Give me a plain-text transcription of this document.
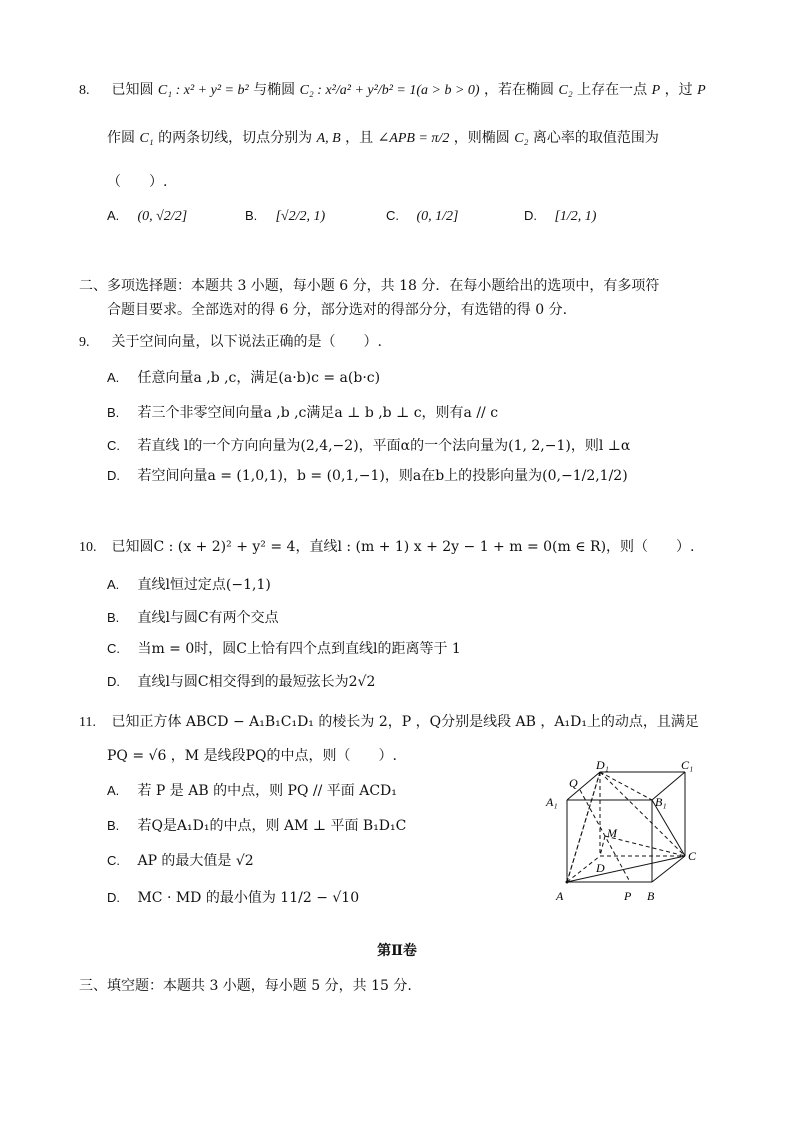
8. 已知圆 C₁ : x² + y² = b² 与椭圆 C₂ : x²/a² + y²/b² = 1(a > b > 0) ，若在椭圆 C₂ 上存在一点 P ，过 P
作圆 C₁ 的两条切线，切点分别为 A, B ，且 ∠APB = π/2 ，则椭圆 C₂ 离心率的取值范围为
（　　）.
A. (0, √2/2]	B. [√2/2, 1)	C. (0, 1/2]	D. [1/2, 1)
二、多项选择题：本题共 3 小题，每小题 6 分，共 18 分．在每小题给出的选项中，有多项符
合题目要求。全部选对的得 6 分，部分选对的得部分分，有选错的得 0 分.
9. 关于空间向量，以下说法正确的是（　　）.
A. 任意向量a ,b ,c，满足(a·b)c = a(b·c)
B. 若三个非零空间向量a ,b ,c满足a ⊥ b ,b ⊥ c，则有a // c
C. 若直线 l的一个方向向量为(2,4,−2)，平面α的一个法向量为(1, 2,−1)，则l ⊥α
D. 若空间向量a = (1,0,1)，b = (0,1,−1)，则a在b上的投影向量为(0,−1/2,1/2)
10. 已知圆C : (x + 2)² + y² = 4，直线l : (m + 1) x + 2y − 1 + m = 0(m ∈ R)，则（　　）.
A. 直线l恒过定点(−1,1)
B. 直线l与圆C有两个交点
C. 当m = 0时，圆C上恰有四个点到直线l的距离等于 1
D. 直线l与圆C相交得到的最短弦长为2√2
11. 已知正方体 ABCD − A₁B₁C₁D₁ 的棱长为 2，P ，Q分别是线段 AB ，A₁D₁上的动点，且满足
PQ = √6 ，M 是线段PQ的中点，则（　　）.
A. 若 P 是 AB 的中点，则 PQ // 平面 ACD₁
B. 若Q是A₁D₁的中点，则 AM ⊥ 平面 B₁D₁C
C. AP 的最大值是 √2
D. MC · MD 的最小值为 11/2 − √10
D₁	C₁
Q
A₁	B₁
M
D
C
A	P B
第Ⅱ卷
三、填空题：本题共 3 小题，每小题 5 分，共 15 分.
